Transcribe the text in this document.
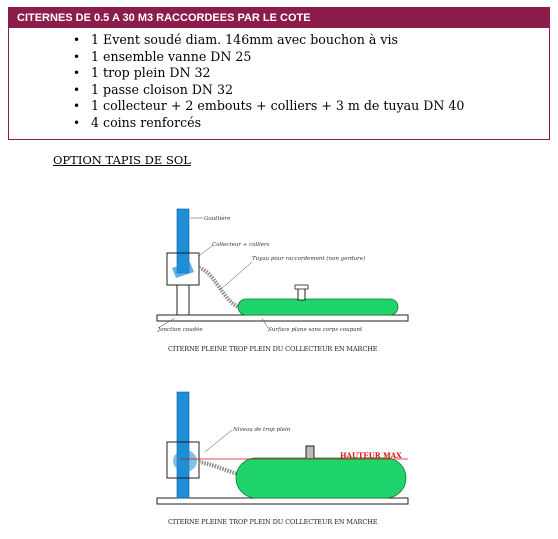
CITERNES DE 0.5 A 30 M3 RACCORDEES PAR LE COTE
• 1 Event soudé diam. 146mm avec bouchon à vis
• 1 ensemble vanne DN 25
• 1 trop plein DN 32
• 1 passe cloison DN 32
• 1 collecteur + 2 embouts + colliers + 3 m de tuyau DN 40
• 4 coins renforcés
OPTION TAPIS DE SOL
Gouttière
Collecteur + colliers
Tuyau pour raccordement (non gerdure)
Jonction coudée	Surface plane sans corps coupant
CITERNE PLEINE TROP PLEIN DU COLLECTEUR EN MARCHE
Niveau de trop plein
HAUTEUR MAX
CITERNE PLEINE TROP PLEIN DU COLLECTEUR EN MARCHE
